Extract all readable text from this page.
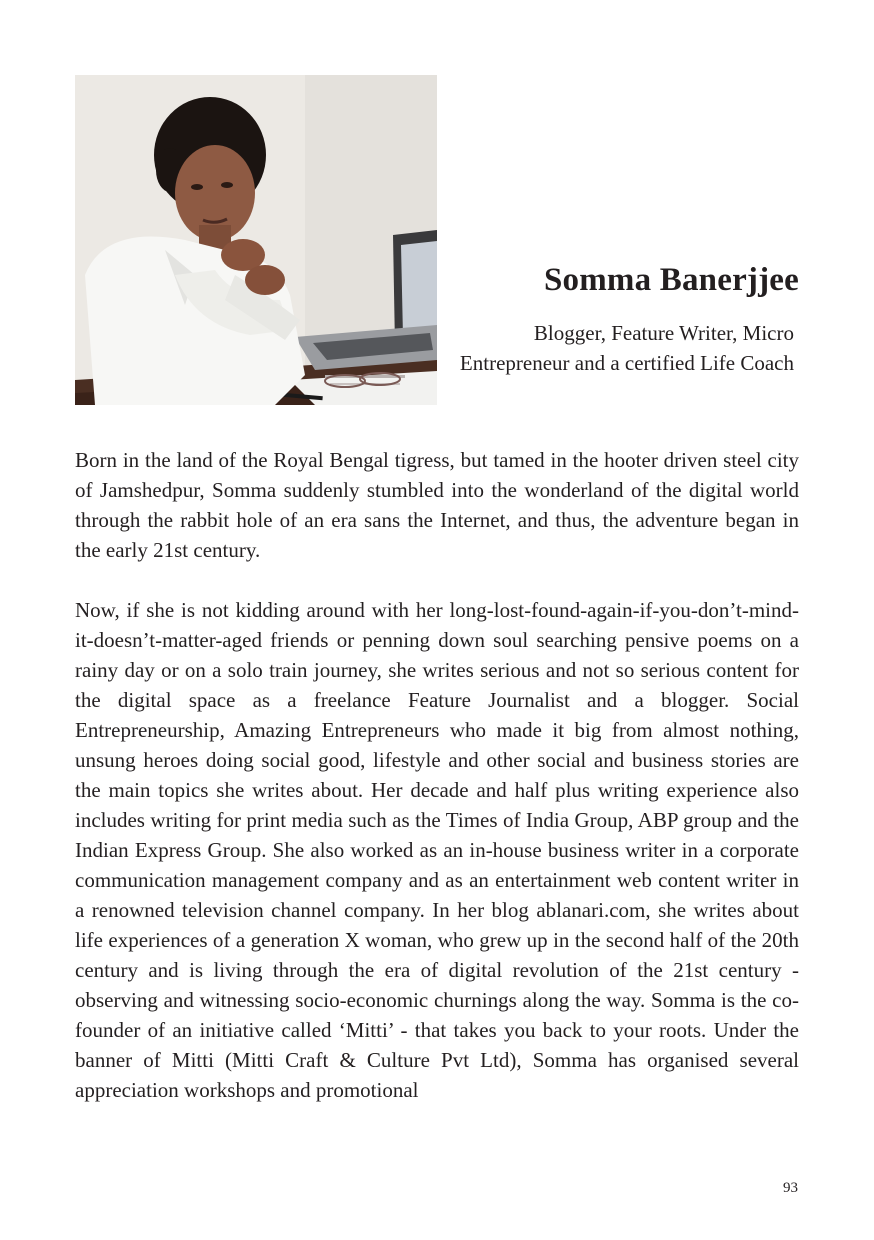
Somma Banerjjee
Blogger, Feature Writer, Micro Entrepreneur and a certified Life Coach

Born in the land of the Royal Bengal tigress, but tamed in the hooter driven steel city of Jamshedpur, Somma suddenly stumbled into the wonderland of the digital world through the rabbit hole of an era sans the Internet, and thus, the adventure began in the early 21st century.

Now, if she is not kidding around with her long-lost-found-again-if-you-don’t-mind- it-doesn’t-matter-aged friends or penning down soul searching pensive poems on a rainy day or on a solo train journey, she writes serious and not so serious content for the digital space as a freelance Feature Journalist and a blogger. Social Entrepreneurship, Amazing Entrepreneurs who made it big from almost nothing, unsung heroes doing social good, lifestyle and other social and business stories are the main topics she writes about. Her decade and half plus writing experience also includes writing for print media such as the Times of India Group, ABP group and the Indian Express Group. She also worked as an in-house business writer in a corporate communication management company and as an entertainment web content writer in a renowned television channel company. In her blog ablanari.com, she writes about life experiences of a generation X woman, who grew up in the second half of the 20th century and is living through the era of digital revolution of the 21st century - observing and witnessing socio-economic churnings along the way. Somma is the co-founder of an initiative called ‘Mitti’ - that takes you back to your roots. Under the banner of Mitti (Mitti Craft & Culture Pvt Ltd), Somma has organised several appreciation workshops and promotional

93
